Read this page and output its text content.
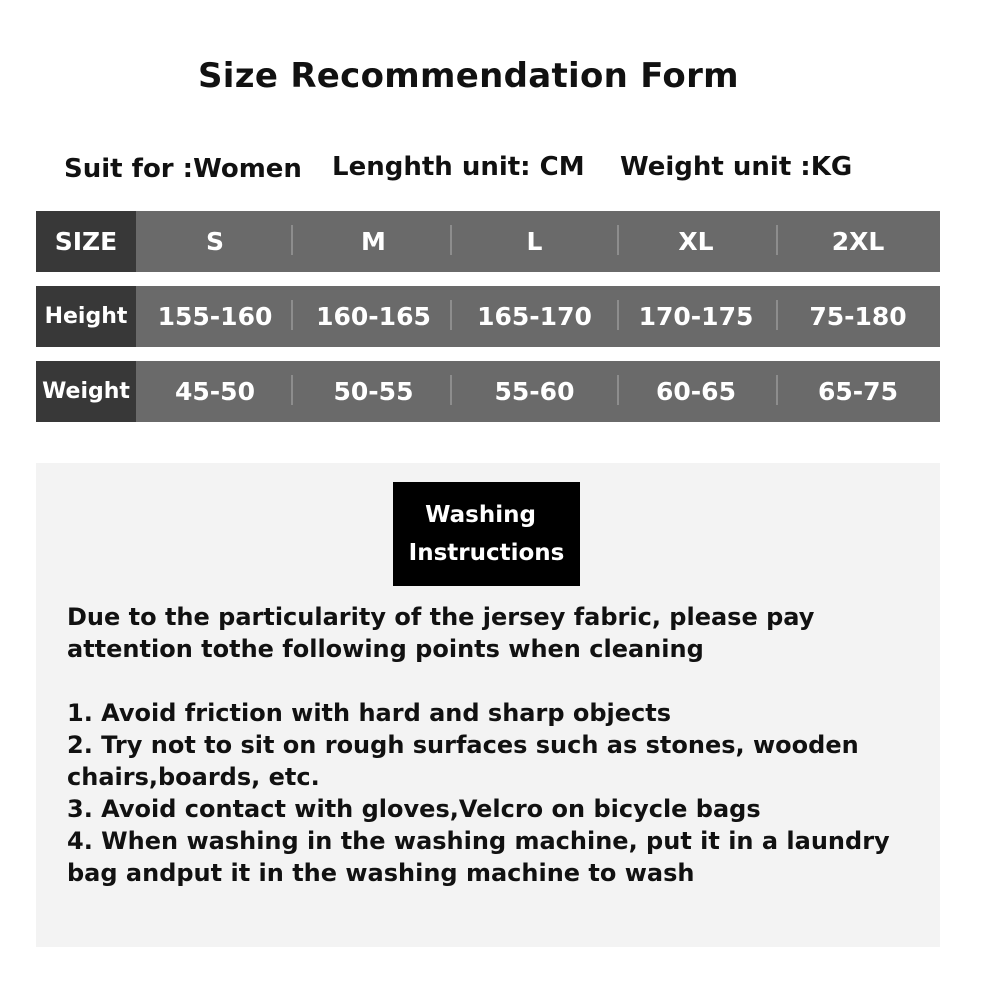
Size Recommendation Form
Suit for :Women Lenghth unit: CM Weight unit :KG
SIZE	S	M	L	XL	2XL
Height	155-160	160-165	165-170	170-175	75-180
Weight	45-50	50-55	55-60	60-65	65-75
Washing
Instructions

Due to the particularity of the jersey fabric, please pay attention tothe following points when cleaning

1. Avoid friction with hard and sharp objects

2. Try not to sit on rough surfaces such as stones, wooden chairs,boards, etc.

3. Avoid contact with gloves,Velcro on bicycle bags

4. When washing in the washing machine, put it in a laundry bag andput it in the washing machine to wash
